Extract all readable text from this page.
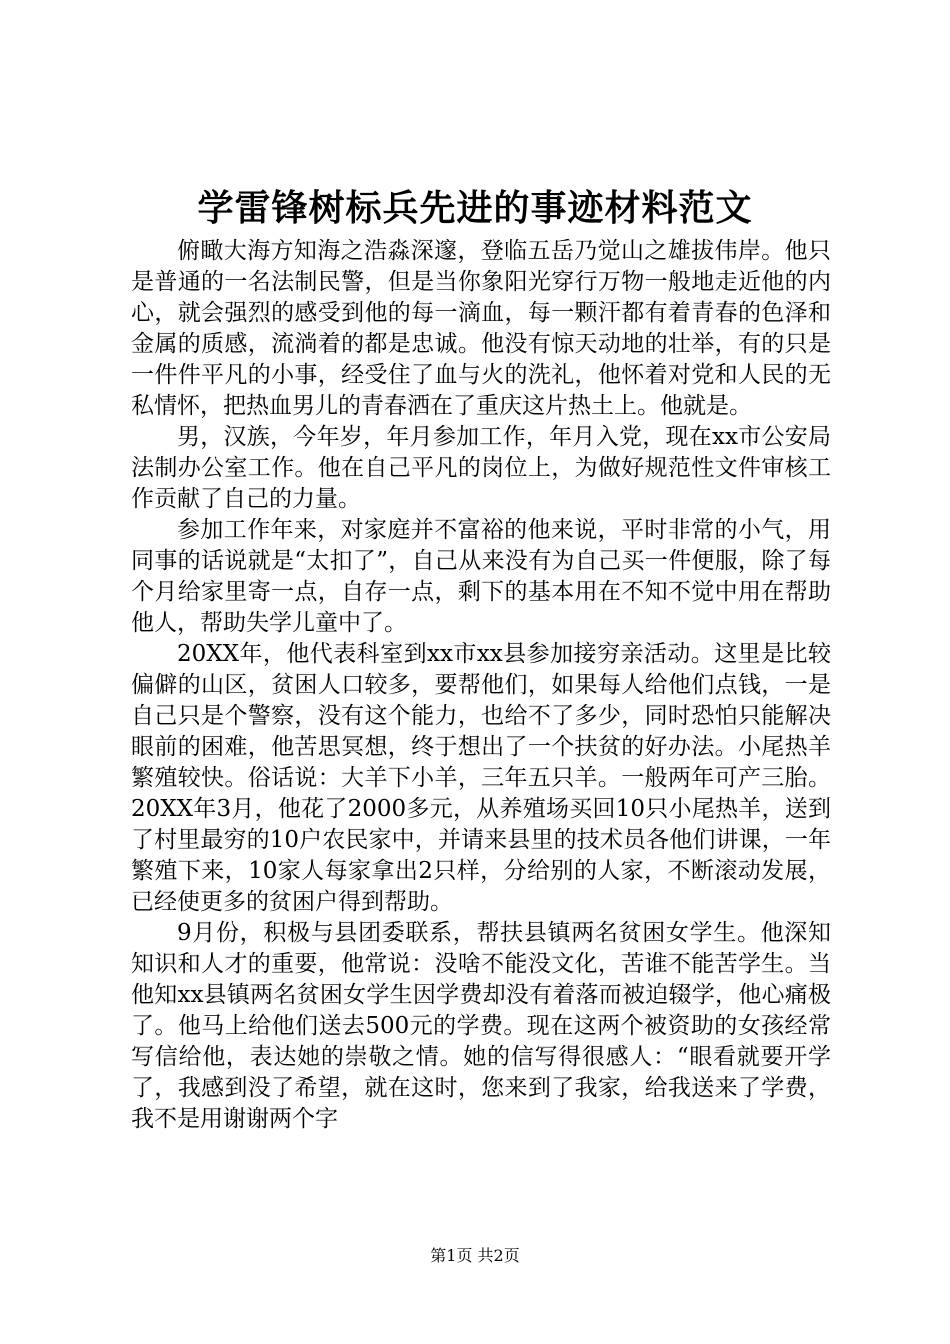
学雷锋树标兵先进的事迹材料范文

俯瞰大海方知海之浩淼深邃，登临五岳乃觉山之雄拔伟岸。他只是普通的一名法制民警，但是当你象阳光穿行万物一般地走近他的内心，就会强烈的感受到他的每一滴血，每一颗汗都有着青春的色泽和金属的质感，流淌着的都是忠诚。他没有惊天动地的壮举，有的只是一件件平凡的小事，经受住了血与火的洗礼，他怀着对党和人民的无私情怀，把热血男儿的青春洒在了重庆这片热土上。他就是。

男，汉族，今年岁，年月参加工作，年月入党，现在xx市公安局法制办公室工作。他在自己平凡的岗位上，为做好规范性文件审核工作贡献了自己的力量。

参加工作年来，对家庭并不富裕的他来说，平时非常的小气，用同事的话说就是“太扣了”，自己从来没有为自己买一件便服，除了每个月给家里寄一点，自存一点，剩下的基本用在不知不觉中用在帮助他人，帮助失学儿童中了。

20XX年，他代表科室到xx市xx县参加接穷亲活动。这里是比较偏僻的山区，贫困人口较多，要帮他们，如果每人给他们点钱，一是自己只是个警察，没有这个能力，也给不了多少，同时恐怕只能解决眼前的困难，他苦思冥想，终于想出了一个扶贫的好办法。小尾热羊繁殖较快。俗话说：大羊下小羊，三年五只羊。一般两年可产三胎。20XX年3月，他花了2000多元，从养殖场买回10只小尾热羊，送到了村里最穷的10户农民家中，并请来县里的技术员各他们讲课，一年繁殖下来，10家人每家拿出2只样，分给别的人家，不断滚动发展，已经使更多的贫困户得到帮助。

9月份，积极与县团委联系，帮扶县镇两名贫困女学生。他深知知识和人才的重要，他常说：没啥不能没文化，苦谁不能苦学生。当他知xx县镇两名贫困女学生因学费却没有着落而被迫辍学，他心痛极了。他马上给他们送去500元的学费。现在这两个被资助的女孩经常写信给他，表达她的崇敬之情。她的信写得很感人：“眼看就要开学了，我感到没了希望，就在这时，您来到了我家，给我送来了学费，我不是用谢谢两个字

第1页 共2页
